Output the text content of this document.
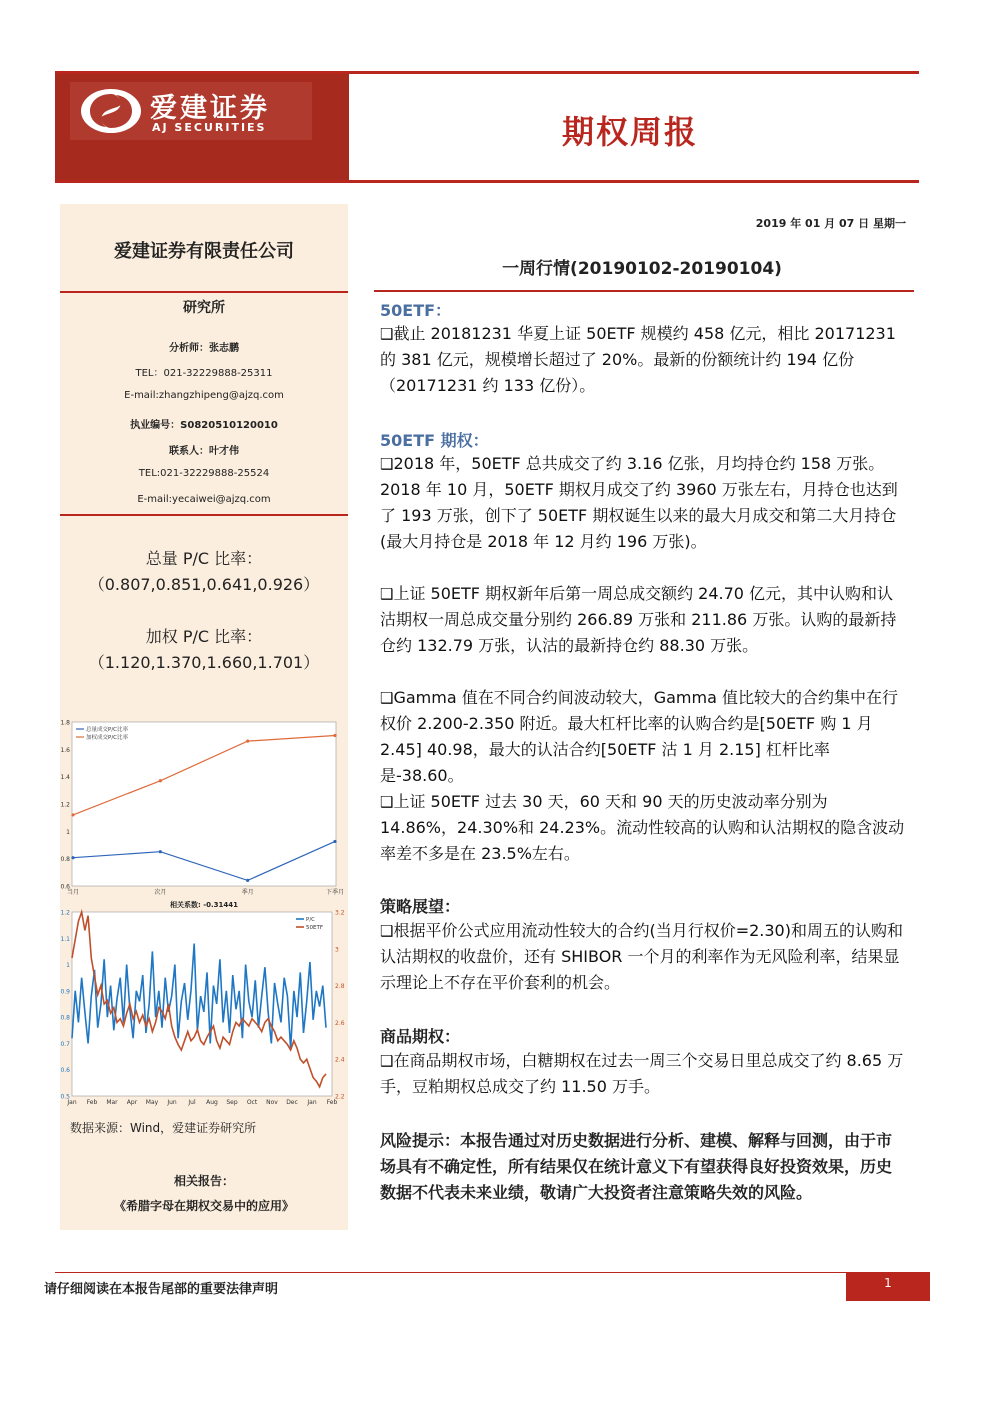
爱建证券
AJ SECURITIES	期权周报
爱建证券有限责任公司
研究所
分析师：张志鹏
TEL：021-32229888-25311
E-mail:zhangzhipeng@ajzq.com
执业编号：S0820510120010
联系人：叶才伟
TEL:021-32229888-25524
E-mail:yecaiwei@ajzq.com
总量 P/C 比率：
（0.807,0.851,0.641,0.926）
加权 P/C 比率：
（1.120,1.370,1.660,1.701）
0.6
0.8
1
1.2
1.4
1.6
1.8
当月	次月	季月	下季月
总量成交P/C比率
加权成交P/C比率
相关系数: -0.31441
0.5
0.6
0.7
0.8
0.9
1
1.1
1.2
2.2
2.4
2.6
2.8
3
3.2
Jan Feb Mar Apr May Jun Jul Aug Sep Oct Nov Dec Jan Feb
P/C
50ETF
数据来源：Wind，爱建证券研究所
相关报告：
《希腊字母在期权交易中的应用》
2019 年 01 月 07 日 星期一
一周行情(20190102-20190104)
50ETF：
❑截止 20181231 华夏上证 50ETF 规模约 458 亿元，相比 20171231 的 381 亿元，规模增长超过了 20%。最新的份额统计约 194 亿份（20171231 约 133 亿份）。
50ETF 期权：
❑2018 年，50ETF 总共成交了约 3.16 亿张，月均持仓约 158 万张。2018 年 10 月，50ETF 期权月成交了约 3960 万张左右，月持仓也达到了 193 万张，创下了 50ETF 期权诞生以来的最大月成交和第二大月持仓(最大月持仓是 2018 年 12 月约 196 万张)。
❑上证 50ETF 期权新年后第一周总成交额约 24.70 亿元，其中认购和认沽期权一周总成交量分别约 266.89 万张和 211.86 万张。认购的最新持仓约 132.79 万张，认沽的最新持仓约 88.30 万张。
❑Gamma 值在不同合约间波动较大，Gamma 值比较大的合约集中在行权价 2.200-2.350 附近。最大杠杆比率的认购合约是[50ETF 购 1 月 2.45] 40.98，最大的认沽合约[50ETF 沽 1 月 2.15] 杠杆比率是-38.60。
❑上证 50ETF 过去 30 天，60 天和 90 天的历史波动率分别为 14.86%，24.30%和 24.23%。流动性较高的认购和认沽期权的隐含波动率差不多是在 23.5%左右。
策略展望：
❑根据平价公式应用流动性较大的合约(当月行权价=2.30)和周五的认购和认沽期权的收盘价，还有 SHIBOR 一个月的利率作为无风险利率，结果显示理论上不存在平价套利的机会。
商品期权：
❑在商品期权市场，白糖期权在过去一周三个交易日里总成交了约 8.65 万手，豆粕期权总成交了约 11.50 万手。
风险提示：本报告通过对历史数据进行分析、建模、解释与回测，由于市场具有不确定性，所有结果仅在统计意义下有望获得良好投资效果，历史数据不代表未来业绩，敬请广大投资者注意策略失效的风险。
请仔细阅读在本报告尾部的重要法律声明	1
